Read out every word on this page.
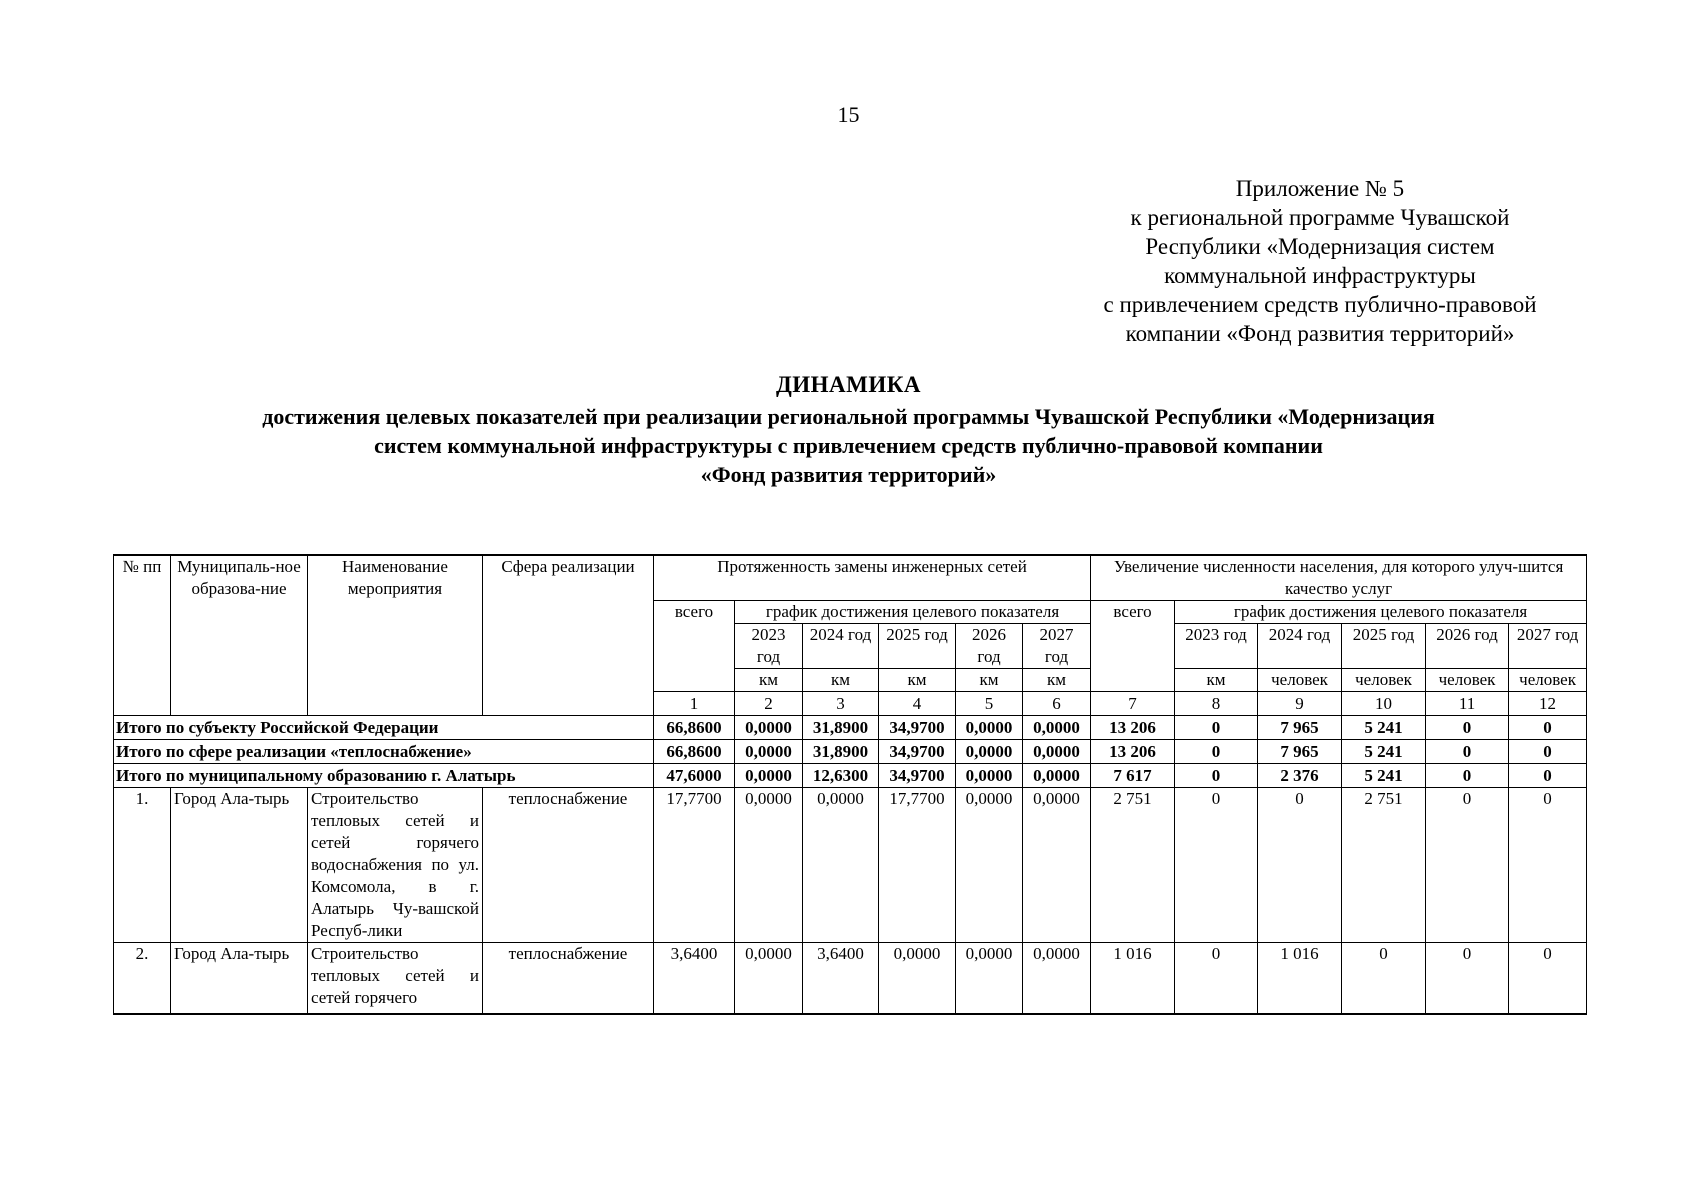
15
Приложение № 5
к региональной программе Чувашской
Республики «Модернизация систем
коммунальной инфраструктуры
с привлечением средств публично-правовой
компании «Фонд развития территорий»
ДИНАМИКА
достижения целевых показателей при реализации региональной программы Чувашской Республики «Модернизация
систем коммунальной инфраструктуры с привлечением средств публично-правовой компании
«Фонд развития территорий»
№ пп	Муниципаль-ное образова-ние	Наименование мероприятия	Сфера реализации	Протяженность замены инженерных сетей						Увеличение численности населения, для которого улуч-шится качество услуг						
				всего	график достижения целевого показателя					всего	график достижения целевого показателя					
					2023 год	2024 год	2025 год	2026 год	2027 год		2023 год	2024 год	2025 год	2026 год	2027 год	
					км	км	км	км	км		км	человек	человек	человек	человек		
				1	2	3	4	5	6	7	8	9	10	11	12				
Итого по субъекту Российской Федерации				66,8600	0,0000	31,8900	34,9700	0,0000	0,0000	13 206	0	7 965	5 241	0	0	
Итого по сфере реализации «теплоснабжение»				66,8600	0,0000	31,8900	34,9700	0,0000	0,0000	13 206	0	7 965	5 241	0	0	
Итого по муниципальному образованию г. Алатырь				47,6000	0,0000	12,6300	34,9700	0,0000	0,0000	7 617	0	2 376	5 241	0	0	
1.	Город Ала-тырь	Строительство тепловых сетей и сетей горячего водоснабжения по ул. Комсомола, в г. Алатырь Чу-вашской Респуб-лики	теплоснабжение	17,7700	0,0000	0,0000	17,7700	0,0000	0,0000	2 751	0	0	2 751	0	0	
2.	Город Ала-тырь	Строительство тепловых сетей и сетей горячего	теплоснабжение	3,6400	0,0000	3,6400	0,0000	0,0000	0,0000	1 016	0	1 016	0	0	0	
